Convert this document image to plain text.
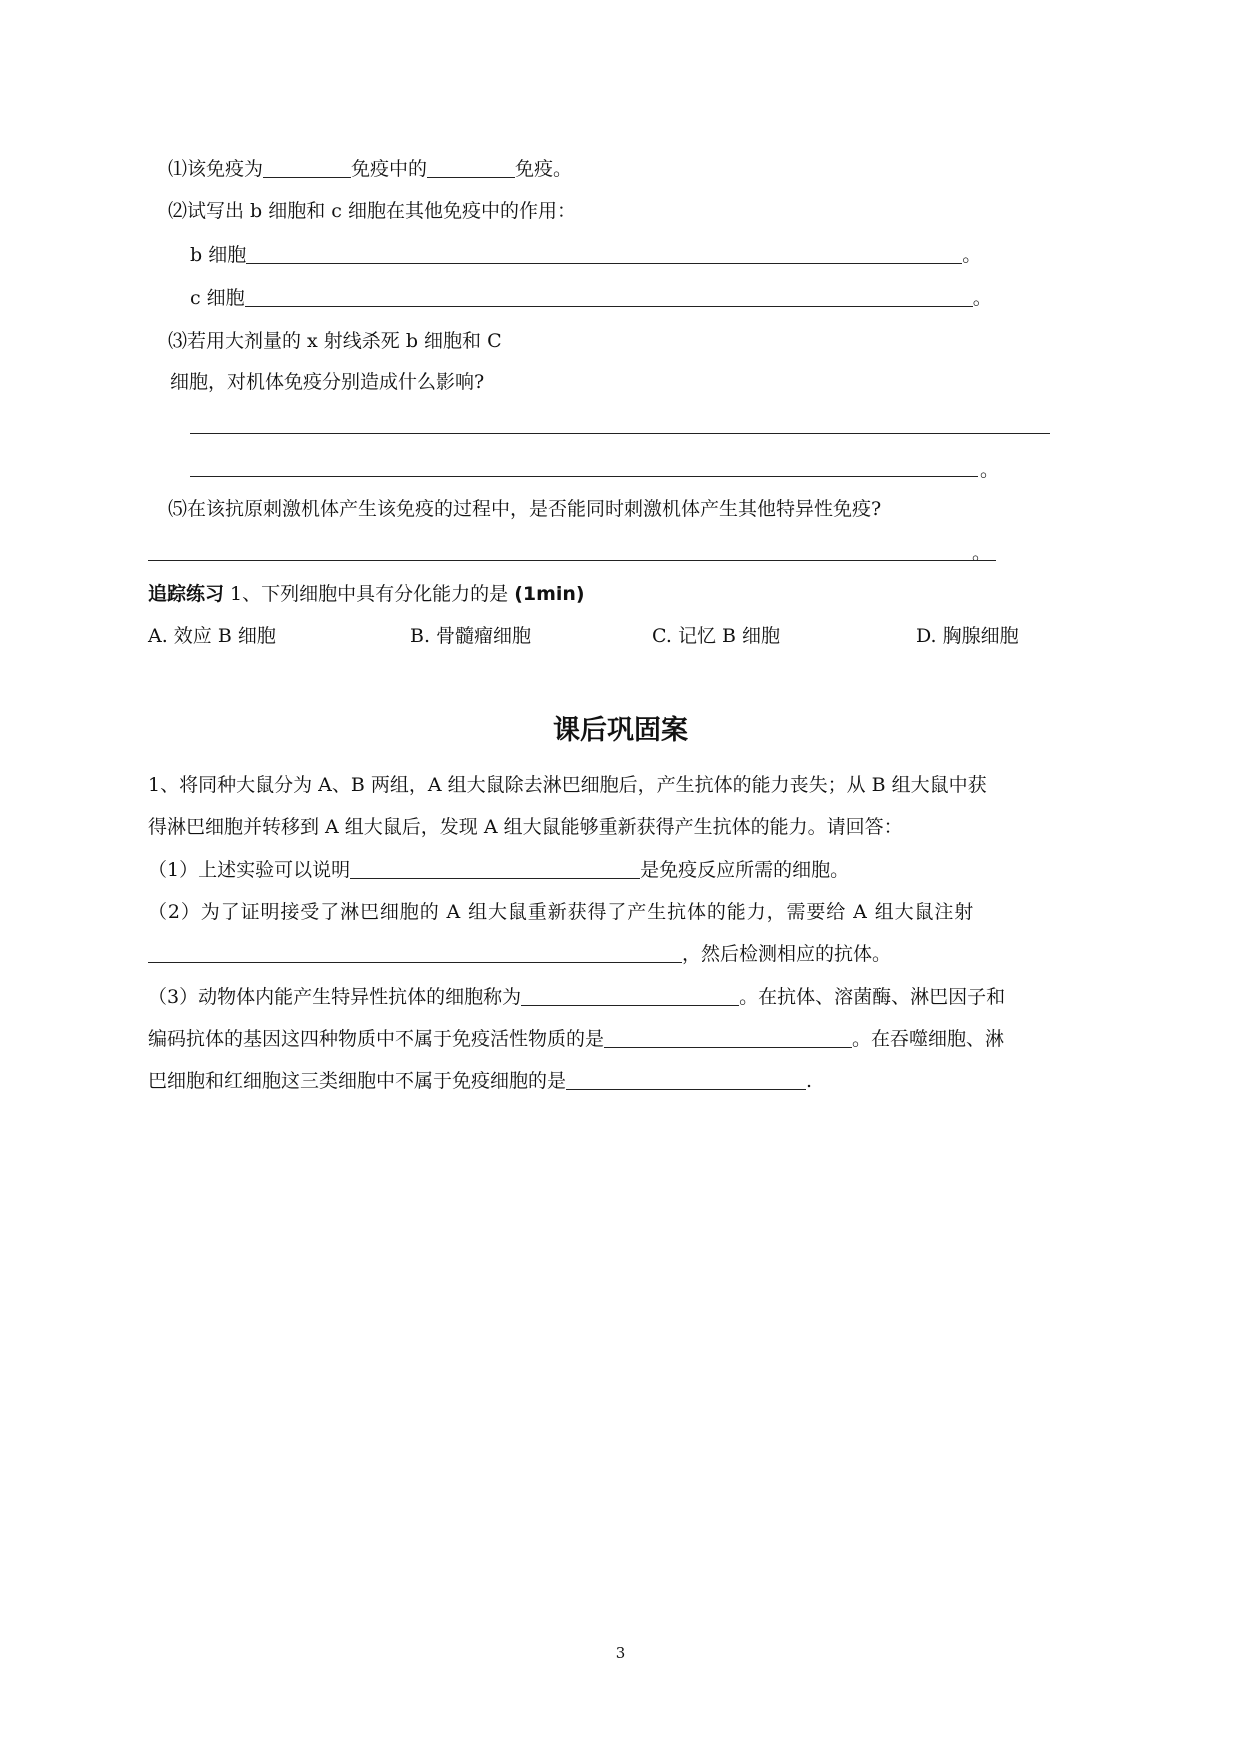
⑴该免疫为	免疫中的	免疫。
⑵试写出 b 细胞和 c 细胞在其他免疫中的作用：
b 细胞	。
c 细胞	。
⑶若用大剂量的 x 射线杀死 b 细胞和 C
细胞，对机体免疫分别造成什么影响?
。
⑸在该抗原刺激机体产生该免疫的过程中，是否能同时刺激机体产生其他特异性免疫?
。
追踪练习 1、下列细胞中具有分化能力的是 (1min)
A. 效应 B 细胞	B. 骨髓瘤细胞	C. 记忆 B 细胞	D. 胸腺细胞
课后巩固案
1、将同种大鼠分为 A、B 两组，A 组大鼠除去淋巴细胞后，产生抗体的能力丧失；从 B 组大鼠中获
得淋巴细胞并转移到 A 组大鼠后，发现 A 组大鼠能够重新获得产生抗体的能力。请回答：
（1）上述实验可以说明	是免疫反应所需的细胞。
（2）为了证明接受了淋巴细胞的 A 组大鼠重新获得了产生抗体的能力，需要给 A 组大鼠注射
，然后检测相应的抗体。
（3）动物体内能产生特异性抗体的细胞称为	。在抗体、溶菌酶、淋巴因子和
编码抗体的基因这四种物质中不属于免疫活性物质的是	。在吞噬细胞、淋
巴细胞和红细胞这三类细胞中不属于免疫细胞的是	.
3
